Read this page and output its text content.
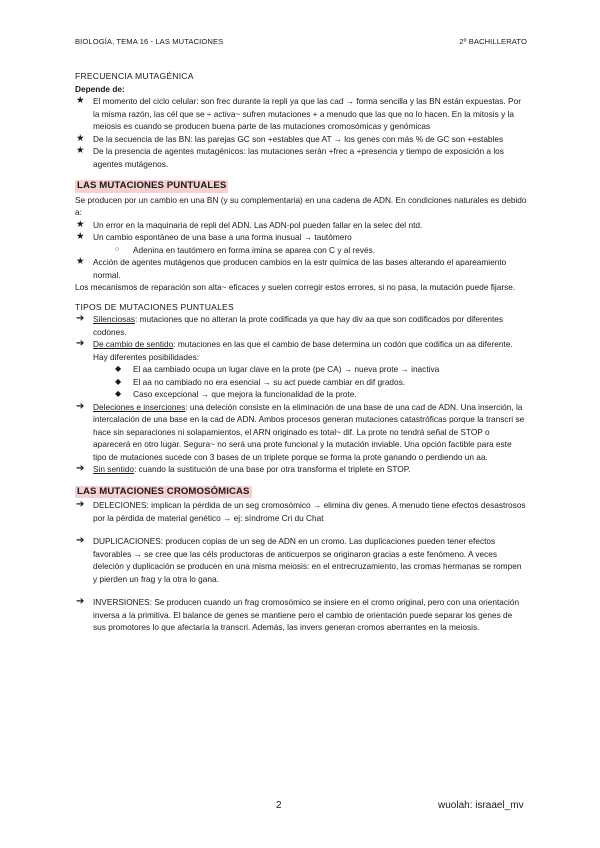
BIOLOGÍA, TEMA 16 - LAS MUTACIONES	2º BACHILLERATO

FRECUENCIA MUTAGÉNICA

Depende de:

★ El momento del ciclo celular: son frec durante la repli ya que las cad → forma sencilla y las BN están expuestas. Por la misma razón, las cél que se ÷ activa~ sufren mutaciones + a menudo que las que no lo hacen. En la mitosis y la meiosis es cuando se producen buena parte de las mutaciones cromosómicas y genómicas
★ De la secuencia de las BN: las parejas GC son +estables que AT → los genes con más % de GC son +estables
★ De la presencia de agentes mutagénicos: las mutaciones serán +frec a +presencia y tiempo de exposición a los agentes mutágenos.
LAS MUTACIONES PUNTUALES

Se producen por un cambio en una BN (y su complementaria) en una cadena de ADN. En condiciones naturales es debido a:

★ Un error en la maquinaria de repli del ADN. Las ADN-pol pueden fallar en la selec del ntd.
★ Un cambio espontáneo de una base a una forma inusual → tautómero
○ Adenina en tautómero en forma imina se aparea con C y al revés.
★ Acción de agentes mutágenos que producen cambios en la estr química de las bases alterando el apareamiento normal.

Los mecanismos de reparación son alta~ eficaces y suelen corregir estos errores, si no pasa, la mutación puede fijarse.

TIPOS DE MUTACIONES PUNTUALES

➔ Silenciosas: mutaciones que no alteran la prote codificada ya que hay div aa que son codificados por diferentes codones.
➔ De cambio de sentido: mutaciones en las que el cambio de base determina un codón que codifica un aa diferente. Hay diferentes posibilidades:
◆ El aa cambiado ocupa un lugar clave en la prote (pe CA) → nueva prote → inactiva
◆ El aa no cambiado no era esencial → su act puede cambiar en dif grados.
◆ Caso excepcional → que mejora la funcionalidad de la prote.
➔ Deleciones e inserciones: una deleción consiste en la eliminación de una base de una cad de ADN. Una inserción, la intercalación de una base en la cad de ADN. Ambos procesos generan mutaciones catastróficas porque la transcri se hace sin separaciones ni solapamientos, el ARN originado es total~ dif. La prote no tendrá señal de STOP o aparecerá en otro lugar. Segura~ no será una prote funcional y la mutación inviable. Una opción factible para este tipo de mutaciones sucede con 3 bases de un triplete porque se forma la prote ganando o perdiendo un aa.
➔ Sin sentido: cuando la sustitución de una base por otra transforma el triplete en STOP.
LAS MUTACIONES CROMOSÓMICAS
➔ DELECIONES: implican la pérdida de un seg cromosómico → elimina div genes. A menudo tiene efectos desastrosos por la pérdida de material genético → ej: síndrome Cri du Chat
➔ DUPLICACIONES: producen copias de un seg de ADN en un cromo. Las duplicaciones pueden tener efectos favorables → se cree que las céls productoras de anticuerpos se originaron gracias a este fenómeno. A veces deleción y duplicación se producen en una misma meiosis: en el entrecruzamiento, las cromas hermanas se rompen y pierden un frag y la otra lo gana.
➔ INVERSIONES: Se producen cuando un frag cromosómico se insiere en el cromo original, pero con una orientación inversa a la primitiva. El balance de genes se mantiene pero el cambio de orientación puede separar los genes de sus promotores lo que afectaría la transcri. Además, las invers generan cromos aberrantes en la meiosis.
2	wuolah: israael_mv
